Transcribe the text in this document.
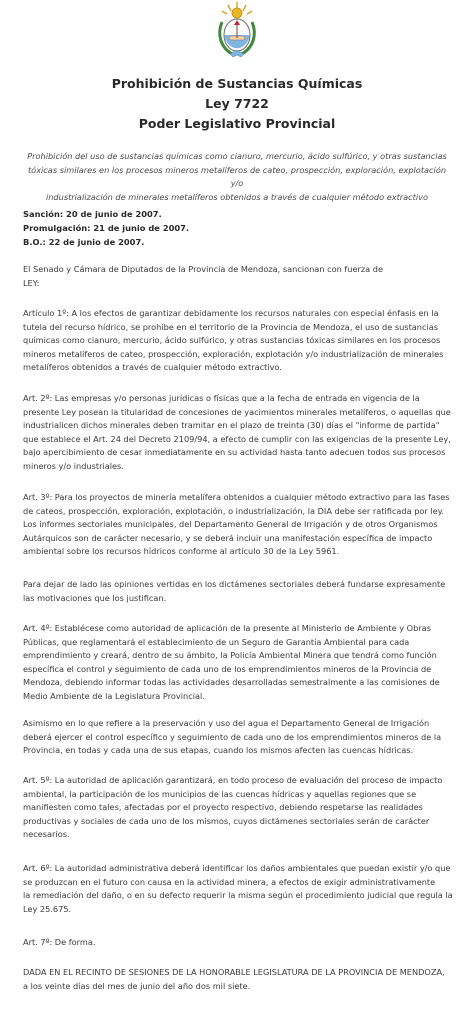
Prohibición de Sustancias Químicas
Ley 7722
Poder Legislativo Provincial
Prohibición del uso de sustancias químicas como cianuro, mercurio, ácido sulfúrico, y otras sustancias
tóxicas similares en los procesos mineros metalíferos de cateo, prospección, exploración, explotación y/o
industrialización de minerales metalíferos obtenidos a través de cualquier método extractivo
Sanción: 20 de junio de 2007.
Promulgación: 21 de junio de 2007.
B.O.: 22 de junio de 2007.
El Senado y Cámara de Diputados de la Provincia de Mendoza, sancionan con fuerza de
LEY:
Artículo 1º: A los efectos de garantizar debidamente los recursos naturales con especial énfasis en la
tutela del recurso hídrico, se prohíbe en el territorio de la Provincia de Mendoza, el uso de sustancias
químicas como cianuro, mercurio, ácido sulfúrico, y otras sustancias tóxicas similares en los procesos
mineros metalíferos de cateo, prospección, exploración, explotación y/o industrialización de minerales
metalíferos obtenidos a través de cualquier método extractivo.
Art. 2º: Las empresas y/o personas jurídicas o físicas que a la fecha de entrada en vigencia de la
presente Ley posean la titularidad de concesiones de yacimientos minerales metalíferos, o aquellas que
industrialicen dichos minerales deben tramitar en el plazo de treinta (30) días el "informe de partida"
que establece el Art. 24 del Decreto 2109/94, a efecto de cumplir con las exigencias de la presente Ley,
bajo apercibimiento de cesar inmediatamente en su actividad hasta tanto adecuen todos sus procesos
mineros y/o industriales.
Art. 3º: Para los proyectos de minería metalífera obtenidos a cualquier método extractivo para las fases
de cateos, prospección, exploración, explotación, o industrialización, la DIA debe ser ratificada por ley.
Los informes sectoriales municipales, del Departamento General de Irrigación y de otros Organismos
Autárquicos son de carácter necesario, y se deberá incluir una manifestación específica de impacto
ambiental sobre los recursos hídricos conforme al artículo 30 de la Ley 5961.
Para dejar de lado las opiniones vertidas en los dictámenes sectoriales deberá fundarse expresamente
las motivaciones que los justifican.
Art. 4º: Establécese como autoridad de aplicación de la presente al Ministerio de Ambiente y Obras
Públicas, que reglamentará el establecimiento de un Seguro de Garantía Ambiental para cada
emprendimiento y creará, dentro de su ámbito, la Policía Ambiental Minera que tendrá como función
específica el control y seguimiento de cada uno de los emprendimientos mineros de la Provincia de
Mendoza, debiendo informar todas las actividades desarrolladas semestralmente a las comisiones de
Medio Ambiente de la Legislatura Provincial.
Asimismo en lo que refiere a la preservación y uso del agua el Departamento General de Irrigación
deberá ejercer el control específico y seguimiento de cada uno de los emprendimientos mineros de la
Provincia, en todas y cada una de sus etapas, cuando los mismos afecten las cuencas hídricas.
Art. 5º: La autoridad de aplicación garantizará, en todo proceso de evaluación del proceso de impacto
ambiental, la participación de los municipios de las cuencas hídricas y aquellas regiones que se
manifiesten como tales, afectadas por el proyecto respectivo, debiendo respetarse las realidades
productivas y sociales de cada uno de los mismos, cuyos dictámenes sectoriales serán de carácter
necesarios.
Art. 6º: La autoridad administrativa deberá identificar los daños ambientales que puedan existir y/o que
se produzcan en el futuro con causa en la actividad minera, a efectos de exigir administrativamente
la remediación del daño, o en su defecto requerir la misma según el procedimiento judicial que regula la
Ley 25.675.
Art. 7º: De forma.
DADA EN EL RECINTO DE SESIONES DE LA HONORABLE LEGISLATURA DE LA PROVINCIA DE MENDOZA,
a los veinte días del mes de junio del año dos mil siete.
